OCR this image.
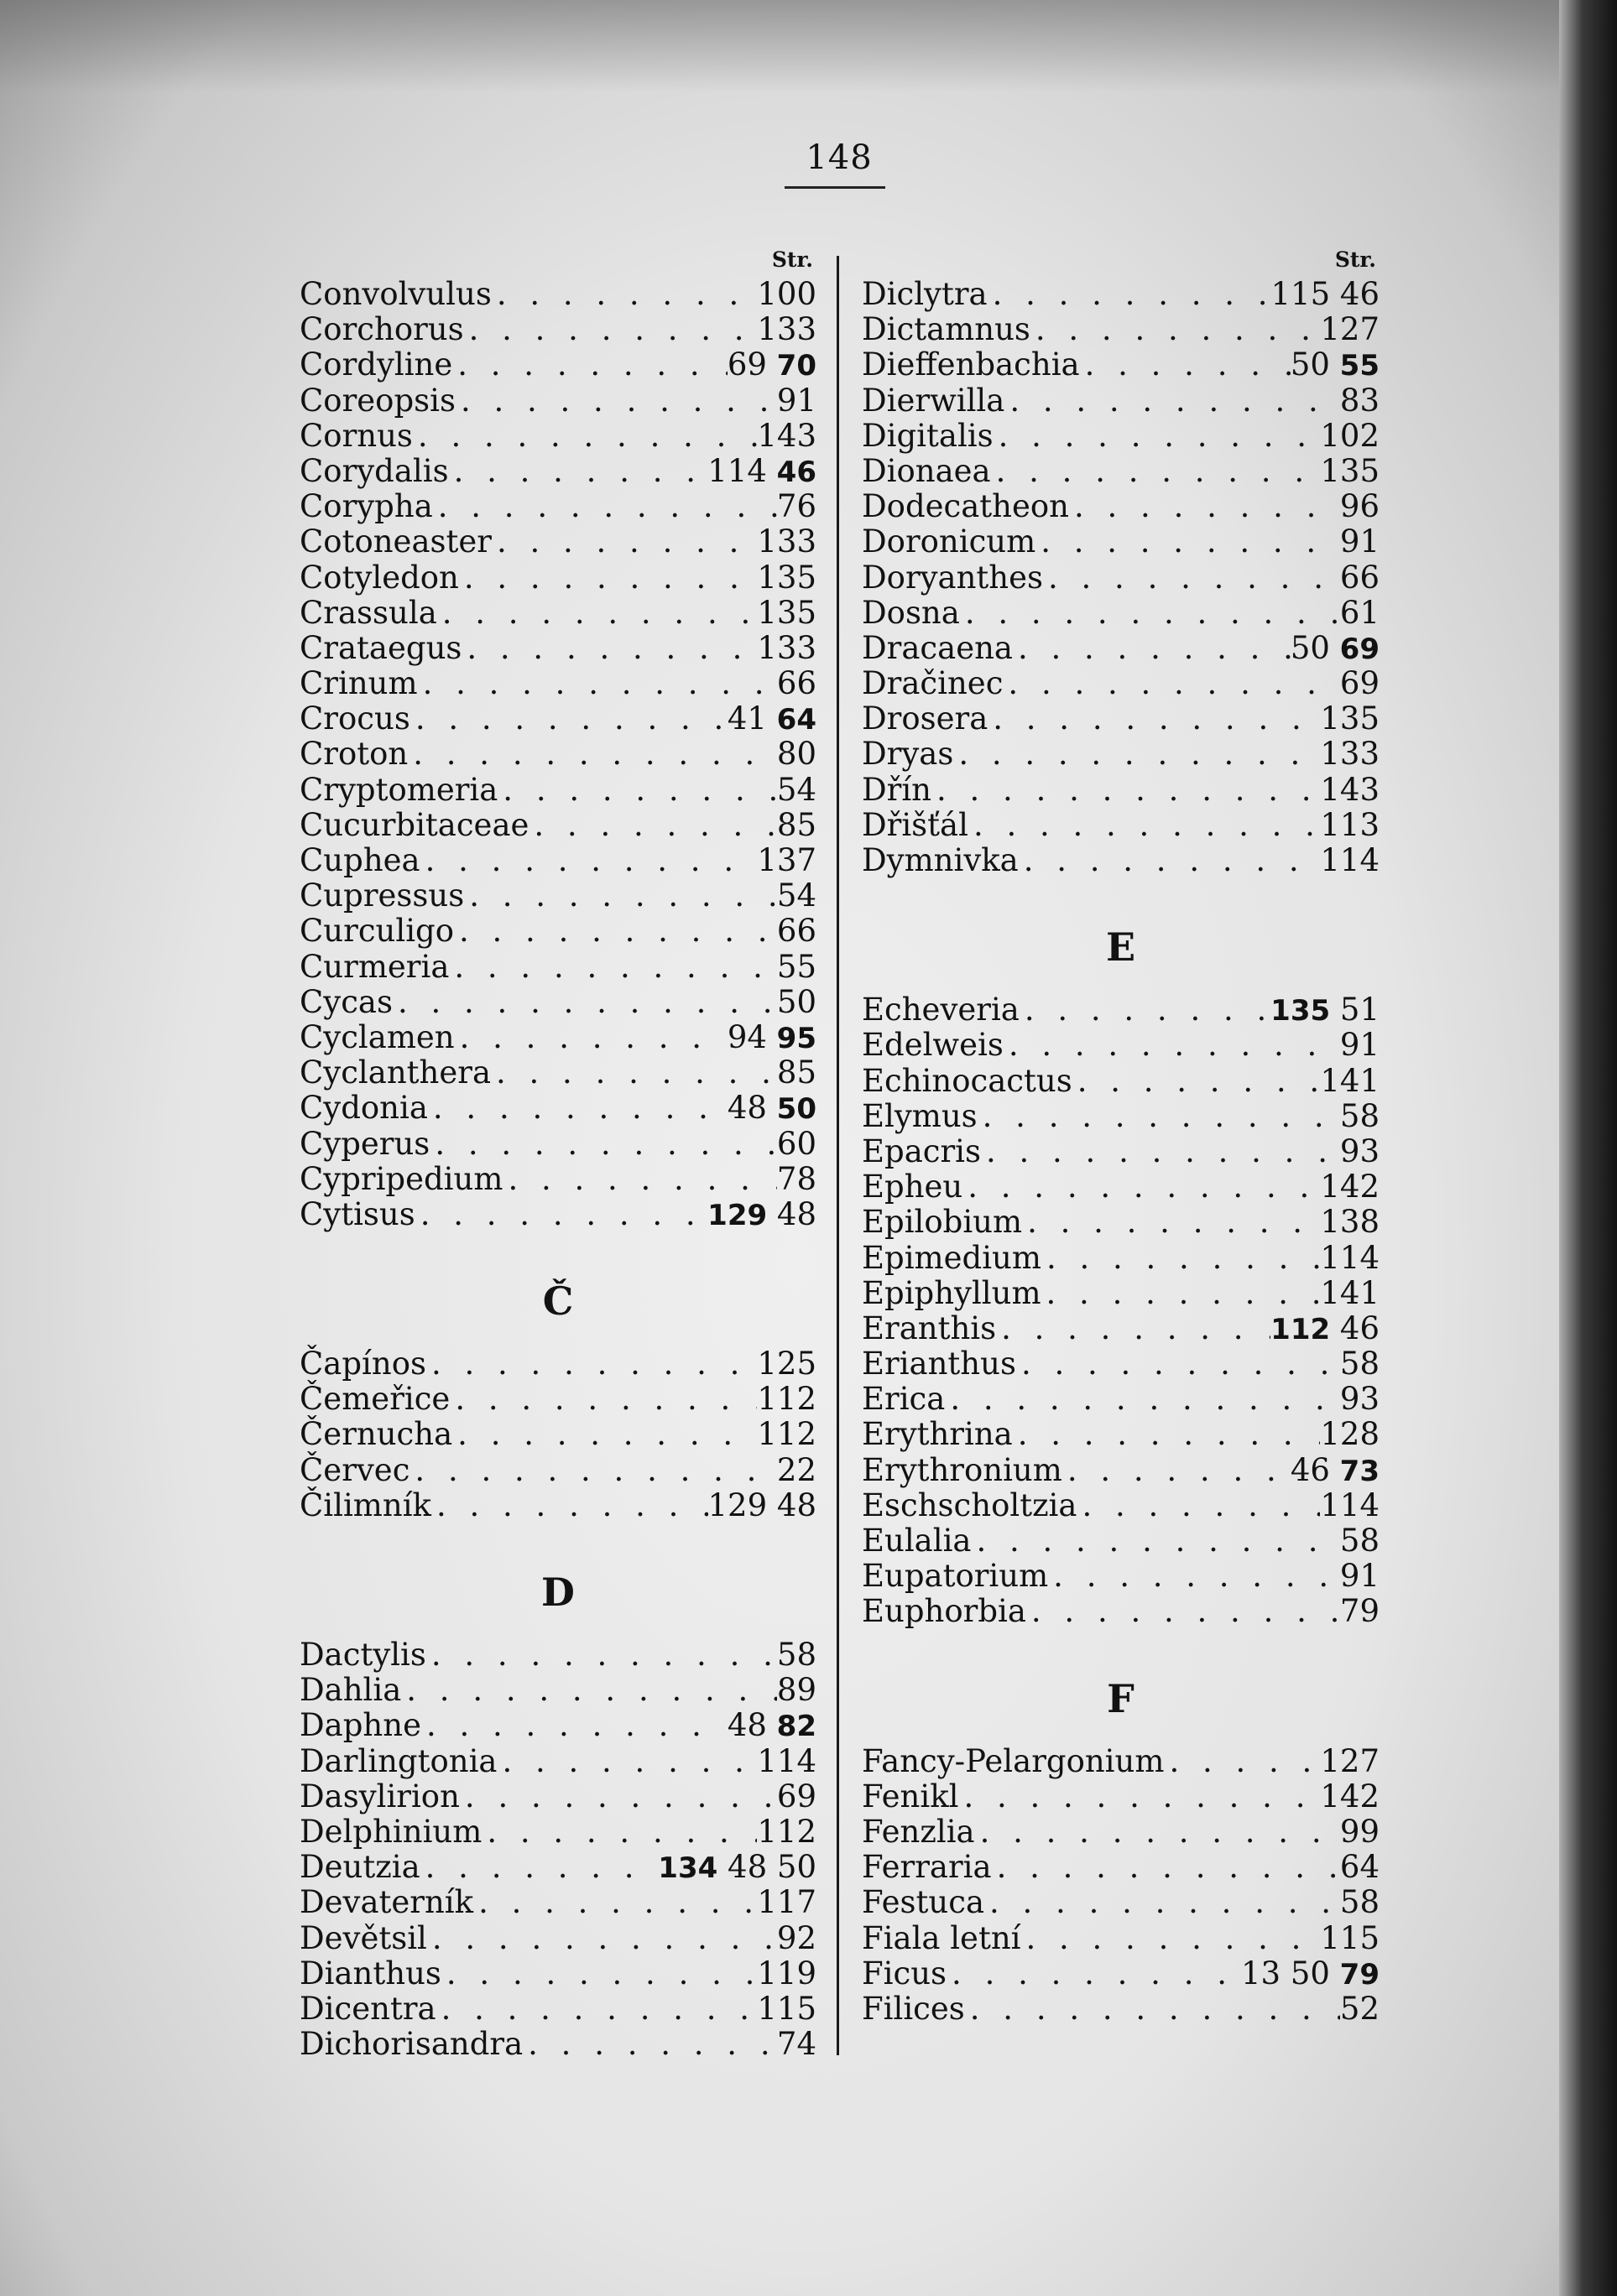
148
Str.
Convolvulus . . .	100
Corchorus . . .	133
Cordyline . . .	69 70
Coreopsis . . .	91
Cornus . . .	143
Corydalis . . .	114 46
Corypha . . .	76
Cotoneaster . . .	133
Cotyledon . . .	135
Crassula . . .	135
Crataegus . . .	133
Crinum . . .	66
Crocus . . .	41 64
Croton . . .	80
Cryptomeria . . .	54
Cucurbitaceae . . .	85
Cuphea . . .	137
Cupressus . . .	54
Curculigo . . .	66
Curmeria . . .	55
Cycas . . .	50
Cyclamen . . .	94 95
Cyclanthera . . .	85
Cydonia . . .	48 50
Cyperus . . .	60
Cypripedium . . .	78
Cytisus . . .	129 48
Č
Čapínos . . .	125
Čemeřice . . .	112
Černucha . . .	112
Červec . . .	22
Čilimník . . .	129 48
D
Dactylis . . .	58
Dahlia . . .	89
Daphne . . .	48 82
Darlingtonia . . .	114
Dasylirion . . .	69
Delphinium . . .	112
Deutzia . . .	134 48 50
Devaterník . . .	117
Devětsil . . .	92
Dianthus . . .	119
Dicentra . . .	115
Dichorisandra . . .	74
Str.
Diclytra . . .	115 46
Dictamnus . . .	127
Dieffenbachia . . .	50 55
Dierwilla . . .	83
Digitalis . . .	102
Dionaea . . .	135
Dodecatheon . . .	96
Doronicum . . .	91
Doryanthes . . .	66
Dosna . . .	61
Dracaena . . .	50 69
Dračinec . . .	69
Drosera . . .	135
Dryas . . .	133
Dřín . . .	143
Dřišťál . . .	113
Dymnivka . . .	114
E
Echeveria . . .	135 51
Edelweis . . .	91
Echinocactus . . .	141
Elymus . . .	58
Epacris . . .	93
Epheu . . .	142
Epilobium . . .	138
Epimedium . . .	114
Epiphyllum . . .	141
Eranthis . . .	112 46
Erianthus . . .	58
Erica . . .	93
Erythrina . . .	128
Erythronium . . .	46 73
Eschscholtzia . . .	114
Eulalia . . .	58
Eupatorium . . .	91
Euphorbia . . .	79
F
Fancy-Pelargonium . . .	127
Fenikl . . .	142
Fenzlia . . .	99
Ferraria . . .	64
Festuca . . .	58
Fiala letní . . .	115
Ficus . . .	13 50 79
Filices . . .	52
